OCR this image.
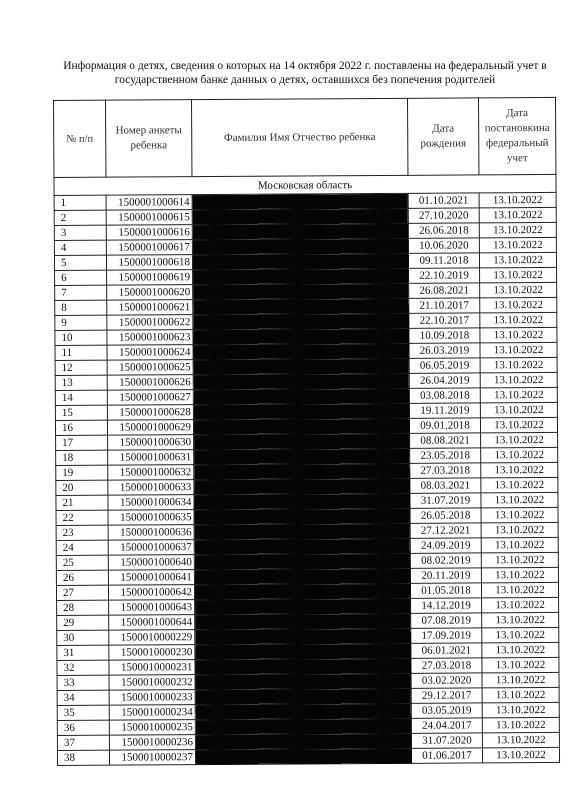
Информация о детях, сведения о которых на 14 октября 2022 г. поставлены на федеральный учет в государственном банке данных о детях, оставшихся без попечения родителей
№ п/п	Номер анкеты ребенка	Фамилия Имя Отчество ребенка	Дата рождения	Дата постановкина федеральный учет
Московская область				
1	1500001000614		01.10.2021	13.10.2022
2	1500001000615		27.10.2020	13.10.2022
3	1500001000616		26.06.2018	13.10.2022
4	1500001000617		10.06.2020	13.10.2022
5	1500001000618		09.11.2018	13.10.2022
6	1500001000619		22.10.2019	13.10.2022
7	1500001000620		26.08.2021	13.10.2022
8	1500001000621		21.10.2017	13.10.2022
9	1500001000622		22.10.2017	13.10.2022
10	1500001000623		10.09.2018	13.10.2022
11	1500001000624		26.03.2019	13.10.2022
12	1500001000625		06.05.2019	13.10.2022
13	1500001000626		26.04.2019	13.10.2022
14	1500001000627		03.08.2018	13.10.2022
15	1500001000628		19.11.2019	13.10.2022
16	1500001000629		09.01.2018	13.10.2022
17	1500001000630		08.08.2021	13.10.2022
18	1500001000631		23.05.2018	13.10.2022
19	1500001000632		27.03.2018	13.10.2022
20	1500001000633		08.03.2021	13.10.2022
21	1500001000634		31.07.2019	13.10.2022
22	1500001000635		26.05.2018	13.10.2022
23	1500001000636		27.12.2021	13.10.2022
24	1500001000637		24.09.2019	13.10.2022
25	1500001000640		08.02.2019	13.10.2022
26	1500001000641		20.11.2019	13.10.2022
27	1500001000642		01.05.2018	13.10.2022
28	1500001000643		14.12.2019	13.10.2022
29	1500001000644		07.08.2019	13.10.2022
30	1500010000229		17.09.2019	13.10.2022
31	1500010000230		06.01.2021	13.10.2022
32	1500010000231		27.03.2018	13.10.2022
33	1500010000232		03.02.2020	13.10.2022
34	1500010000233		29.12.2017	13.10.2022
35	1500010000234		03.05.2019	13.10.2022
36	1500010000235		24.04.2017	13.10.2022
37	1500010000236		31.07.2020	13.10.2022
38	1500010000237		01.06.2017	13.10.2022
